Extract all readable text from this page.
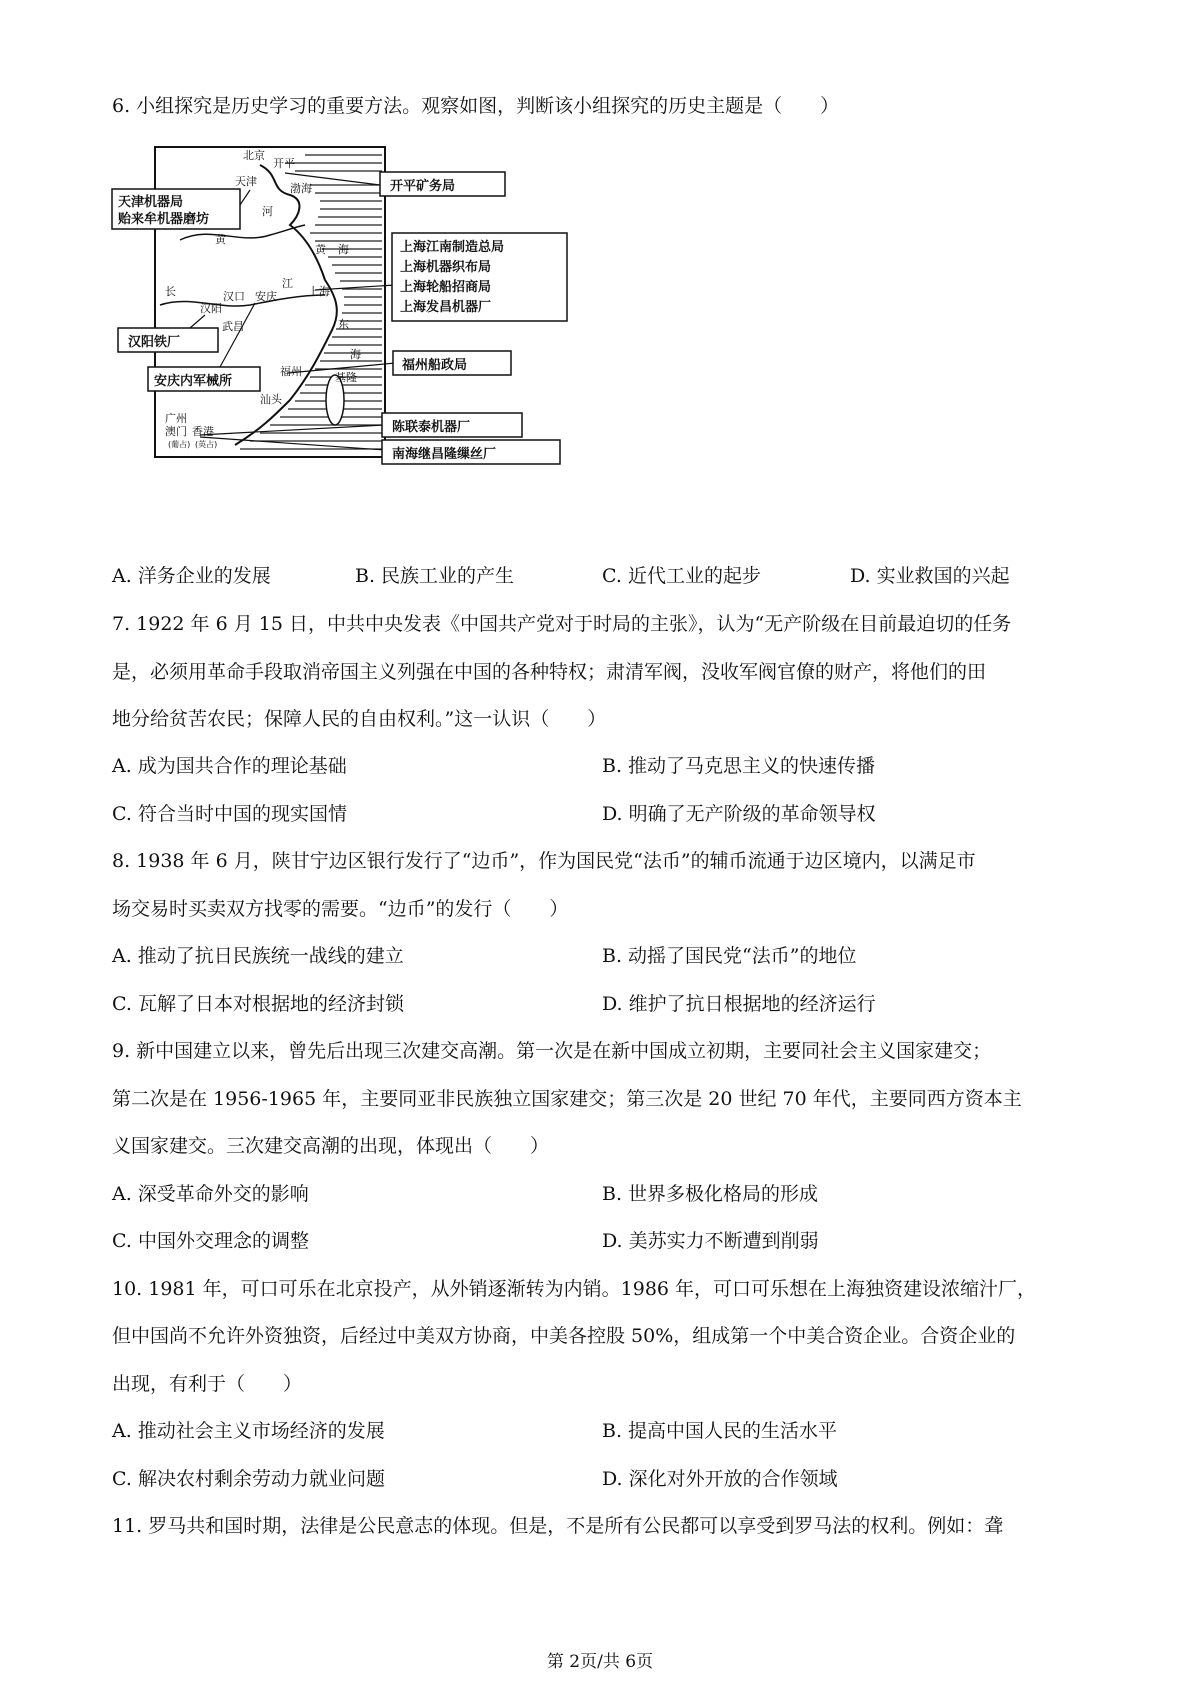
6. 小组探究是历史学习的重要方法。观察如图，判断该小组探究的历史主题是（　　）
北京
开平
天津
渤海
河
黄
黄 海
江
上海
长	汉口 安庆
汉阳
武昌	东
海
福州	基隆
汕头
广州
澳门 香港
(葡占) (英占)
天津机器局
贻来牟机器磨坊
开平矿务局
上海江南制造总局
上海机器织布局
上海轮船招商局
上海发昌机器厂
汉阳铁厂
安庆内军械所
福州船政局
陈联泰机器厂
南海继昌隆缫丝厂
A. 洋务企业的发展	B. 民族工业的产生	C. 近代工业的起步	D. 实业救国的兴起
7. 1922 年 6 月 15 日，中共中央发表《中国共产党对于时局的主张》，认为“无产阶级在目前最迫切的任务
是，必须用革命手段取消帝国主义列强在中国的各种特权；肃清军阀，没收军阀官僚的财产，将他们的田
地分给贫苦农民；保障人民的自由权利。”这一认识（　　）
A. 成为国共合作的理论基础	B. 推动了马克思主义的快速传播
C. 符合当时中国的现实国情	D. 明确了无产阶级的革命领导权
8. 1938 年 6 月，陕甘宁边区银行发行了“边币”，作为国民党“法币”的辅币流通于边区境内，以满足市
场交易时买卖双方找零的需要。“边币”的发行（　　）
A. 推动了抗日民族统一战线的建立	B. 动摇了国民党“法币”的地位
C. 瓦解了日本对根据地的经济封锁	D. 维护了抗日根据地的经济运行
9. 新中国建立以来，曾先后出现三次建交高潮。第一次是在新中国成立初期，主要同社会主义国家建交；
第二次是在 1956-1965 年，主要同亚非民族独立国家建交；第三次是 20 世纪 70 年代，主要同西方资本主
义国家建交。三次建交高潮的出现，体现出（　　）
A. 深受革命外交的影响	B. 世界多极化格局的形成
C. 中国外交理念的调整	D. 美苏实力不断遭到削弱
10. 1981 年，可口可乐在北京投产，从外销逐渐转为内销。1986 年，可口可乐想在上海独资建设浓缩汁厂，
但中国尚不允许外资独资，后经过中美双方协商，中美各控股 50%，组成第一个中美合资企业。合资企业的
出现，有利于（　　）
A. 推动社会主义市场经济的发展	B. 提高中国人民的生活水平
C. 解决农村剩余劳动力就业问题	D. 深化对外开放的合作领域
11. 罗马共和国时期，法律是公民意志的体现。但是，不是所有公民都可以享受到罗马法的权利。例如：聋
第 2页/共 6页
